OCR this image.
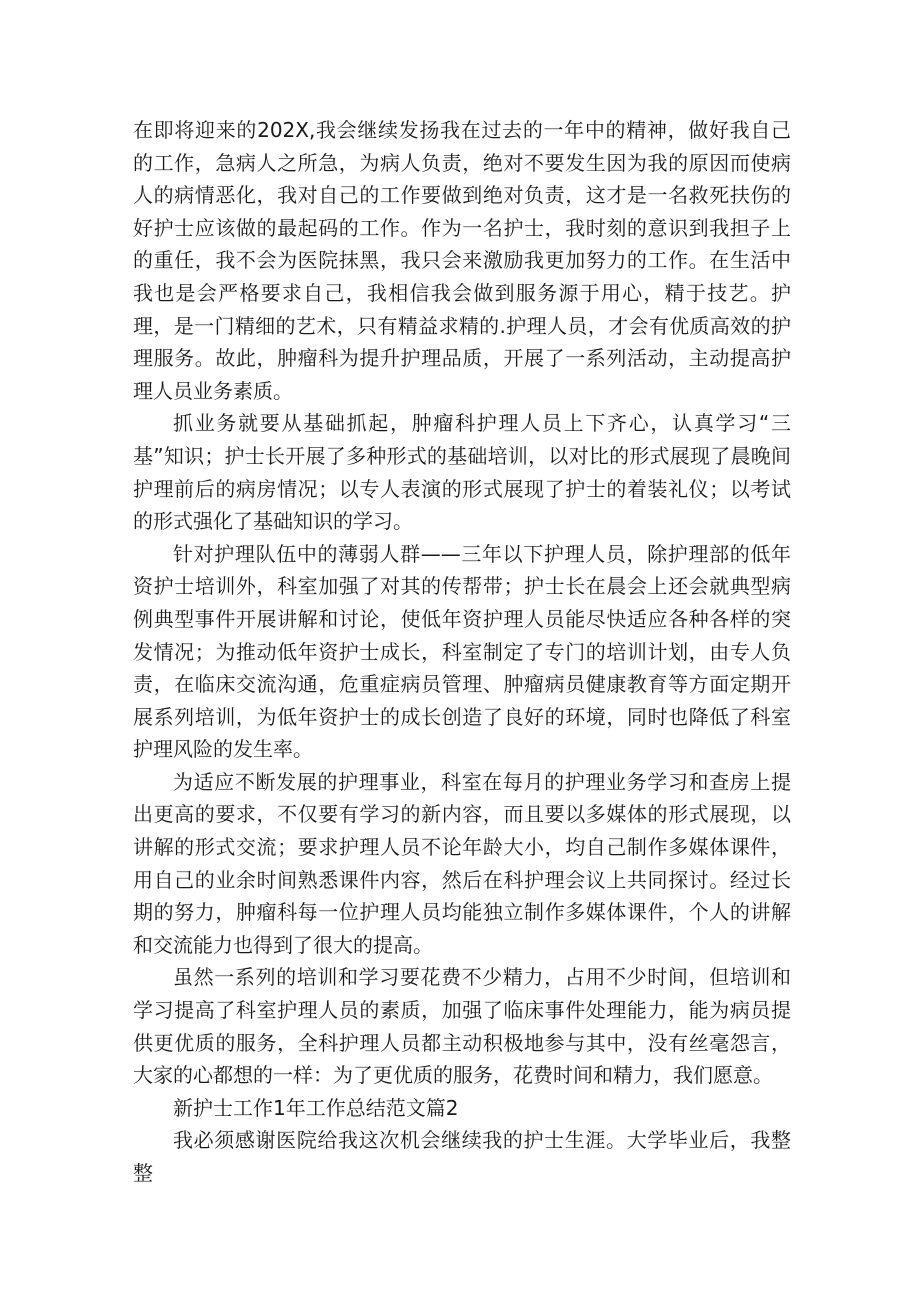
在即将迎来的202X,我会继续发扬我在过去的一年中的精神，做好我自己的工作，急病人之所急，为病人负责，绝对不要发生因为我的原因而使病人的病情恶化，我对自己的工作要做到绝对负责，这才是一名救死扶伤的好护士应该做的最起码的工作。作为一名护士，我时刻的意识到我担子上的重任，我不会为医院抹黑，我只会来激励我更加努力的工作。在生活中我也是会严格要求自己，我相信我会做到服务源于用心，精于技艺。护理，是一门精细的艺术，只有精益求精的.护理人员，才会有优质高效的护理服务。故此，肿瘤科为提升护理品质，开展了一系列活动，主动提高护理人员业务素质。

抓业务就要从基础抓起，肿瘤科护理人员上下齐心，认真学习“三基”知识；护士长开展了多种形式的基础培训，以对比的形式展现了晨晚间护理前后的病房情况；以专人表演的形式展现了护士的着装礼仪；以考试的形式强化了基础知识的学习。

针对护理队伍中的薄弱人群——三年以下护理人员，除护理部的低年资护士培训外，科室加强了对其的传帮带；护士长在晨会上还会就典型病例典型事件开展讲解和讨论，使低年资护理人员能尽快适应各种各样的突发情况；为推动低年资护士成长，科室制定了专门的培训计划，由专人负责，在临床交流沟通，危重症病员管理、肿瘤病员健康教育等方面定期开展系列培训，为低年资护士的成长创造了良好的环境，同时也降低了科室护理风险的发生率。

为适应不断发展的护理事业，科室在每月的护理业务学习和查房上提出更高的要求，不仅要有学习的新内容，而且要以多媒体的形式展现，以讲解的形式交流；要求护理人员不论年龄大小，均自己制作多媒体课件，用自己的业余时间熟悉课件内容，然后在科护理会议上共同探讨。经过长期的努力，肿瘤科每一位护理人员均能独立制作多媒体课件，个人的讲解和交流能力也得到了很大的提高。

虽然一系列的培训和学习要花费不少精力，占用不少时间，但培训和学习提高了科室护理人员的素质，加强了临床事件处理能力，能为病员提供更优质的服务，全科护理人员都主动积极地参与其中，没有丝毫怨言，大家的心都想的一样：为了更优质的服务，花费时间和精力，我们愿意。

新护士工作1年工作总结范文篇2

我必须感谢医院给我这次机会继续我的护士生涯。大学毕业后，我整整
